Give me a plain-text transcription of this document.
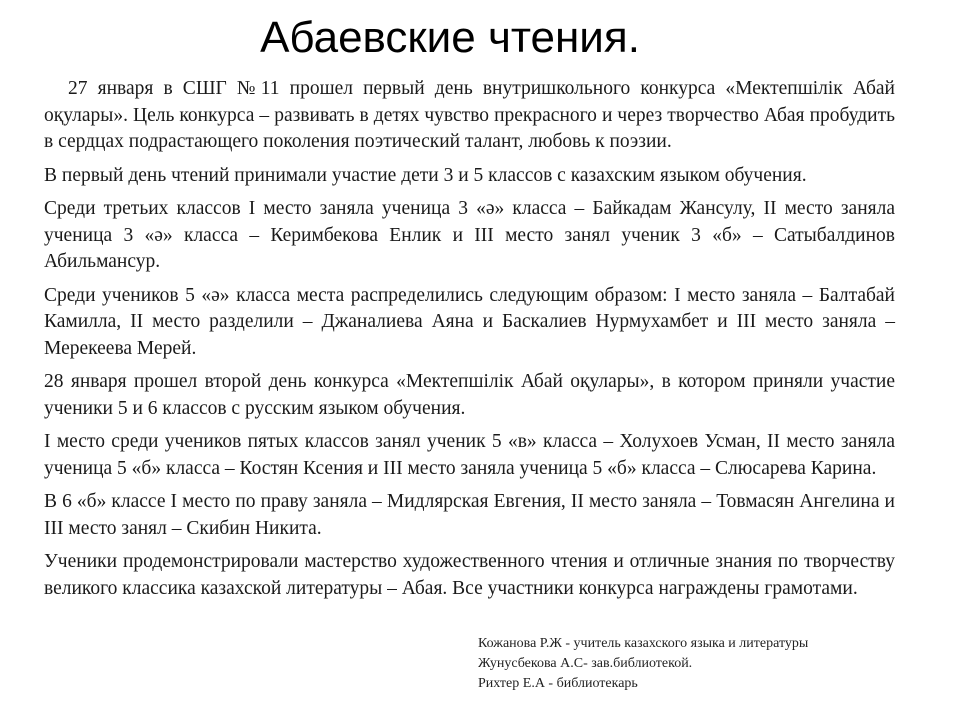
Абаевские чтения.

27 января в СШГ №11 прошел первый день внутришкольного конкурса «Мектепшілік Абай оқулары». Цель конкурса – развивать в детях чувство прекрасного и через творчество Абая пробудить в сердцах подрастающего поколения поэтический талант, любовь к поэзии.

В первый день чтений принимали участие дети 3 и 5 классов с казахским языком обучения.

Среди третьих классов I место заняла ученица 3 «ә» класса – Байкадам Жансулу, II место заняла ученица 3 «ә» класса – Керимбекова Енлик и III место занял ученик 3 «б» – Сатыбалдинов Абильмансур.

Среди учеников 5 «ә» класса места распределились следующим образом: I место заняла – Балтабай Камилла, II место разделили – Джаналиева Аяна и Баскалиев Нурмухамбет и III место заняла – Мерекеева Мерей.

28 января прошел второй день конкурса «Мектепшілік Абай оқулары», в котором приняли участие ученики 5 и 6 классов с русским языком обучения.

I место среди учеников пятых классов занял ученик 5 «в» класса – Холухоев Усман, II место заняла ученица 5 «б» класса – Костян Ксения и III место заняла ученица 5 «б» класса – Слюсарева Карина.

В 6 «б» классе I место по праву заняла – Мидлярская Евгения, II место заняла – Товмасян Ангелина и III место занял – Скибин Никита.

Ученики продемонстрировали мастерство художественного чтения и отличные знания по творчеству великого классика казахской литературы – Абая. Все участники конкурса награждены грамотами.

Кожанова Р.Ж - учитель казахского языка и литературы
Жунусбекова А.С- зав.библиотекой.
Рихтер Е.А - библиотекарь
